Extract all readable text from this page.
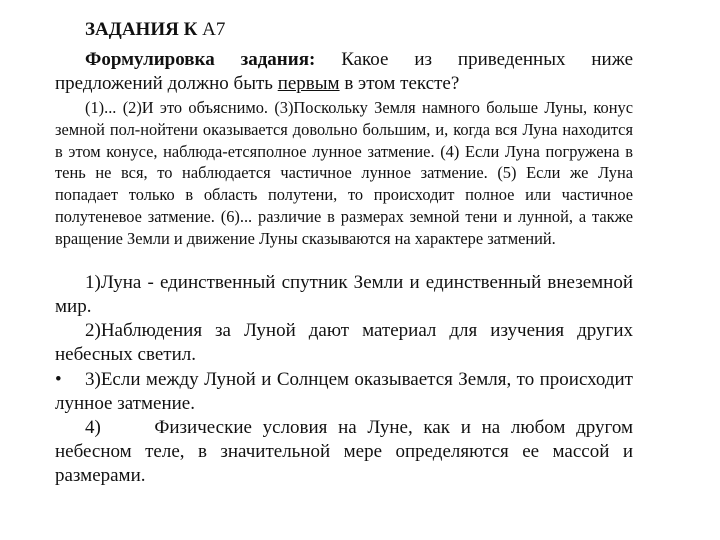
ЗАДАНИЯ К А7
Формулировка задания: Какое из приведенных ниже предложений должно быть первым в этом тексте?
(1)... (2)И это объяснимо. (3)Поскольку Земля намного больше Луны, конус земной пол-нойтени оказывается довольно большим, и, когда вся Луна находится в этом конусе, наблюда-етсяполное лунное затмение. (4) Если Луна погружена в тень не вся, то наблюдается частичное лунное затмение. (5) Если же Луна попадает только в область полутени, то происходит полное или частичное полутеневое затмение. (6)... различие в размерах земной тени и лунной, а также вращение Земли и движение Луны сказываются на характере затмений.
1)Луна - единственный спутник Земли и единственный внеземной мир.
2)Наблюдения за Луной дают материал для изучения других небесных светил.
• 3)Если между Луной и Солнцем оказывается Земля, то происходит лунное затмение.
4)     Физические условия на Луне, как и на любом другом небесном теле, в значительной мере определяются ее массой и размерами.
